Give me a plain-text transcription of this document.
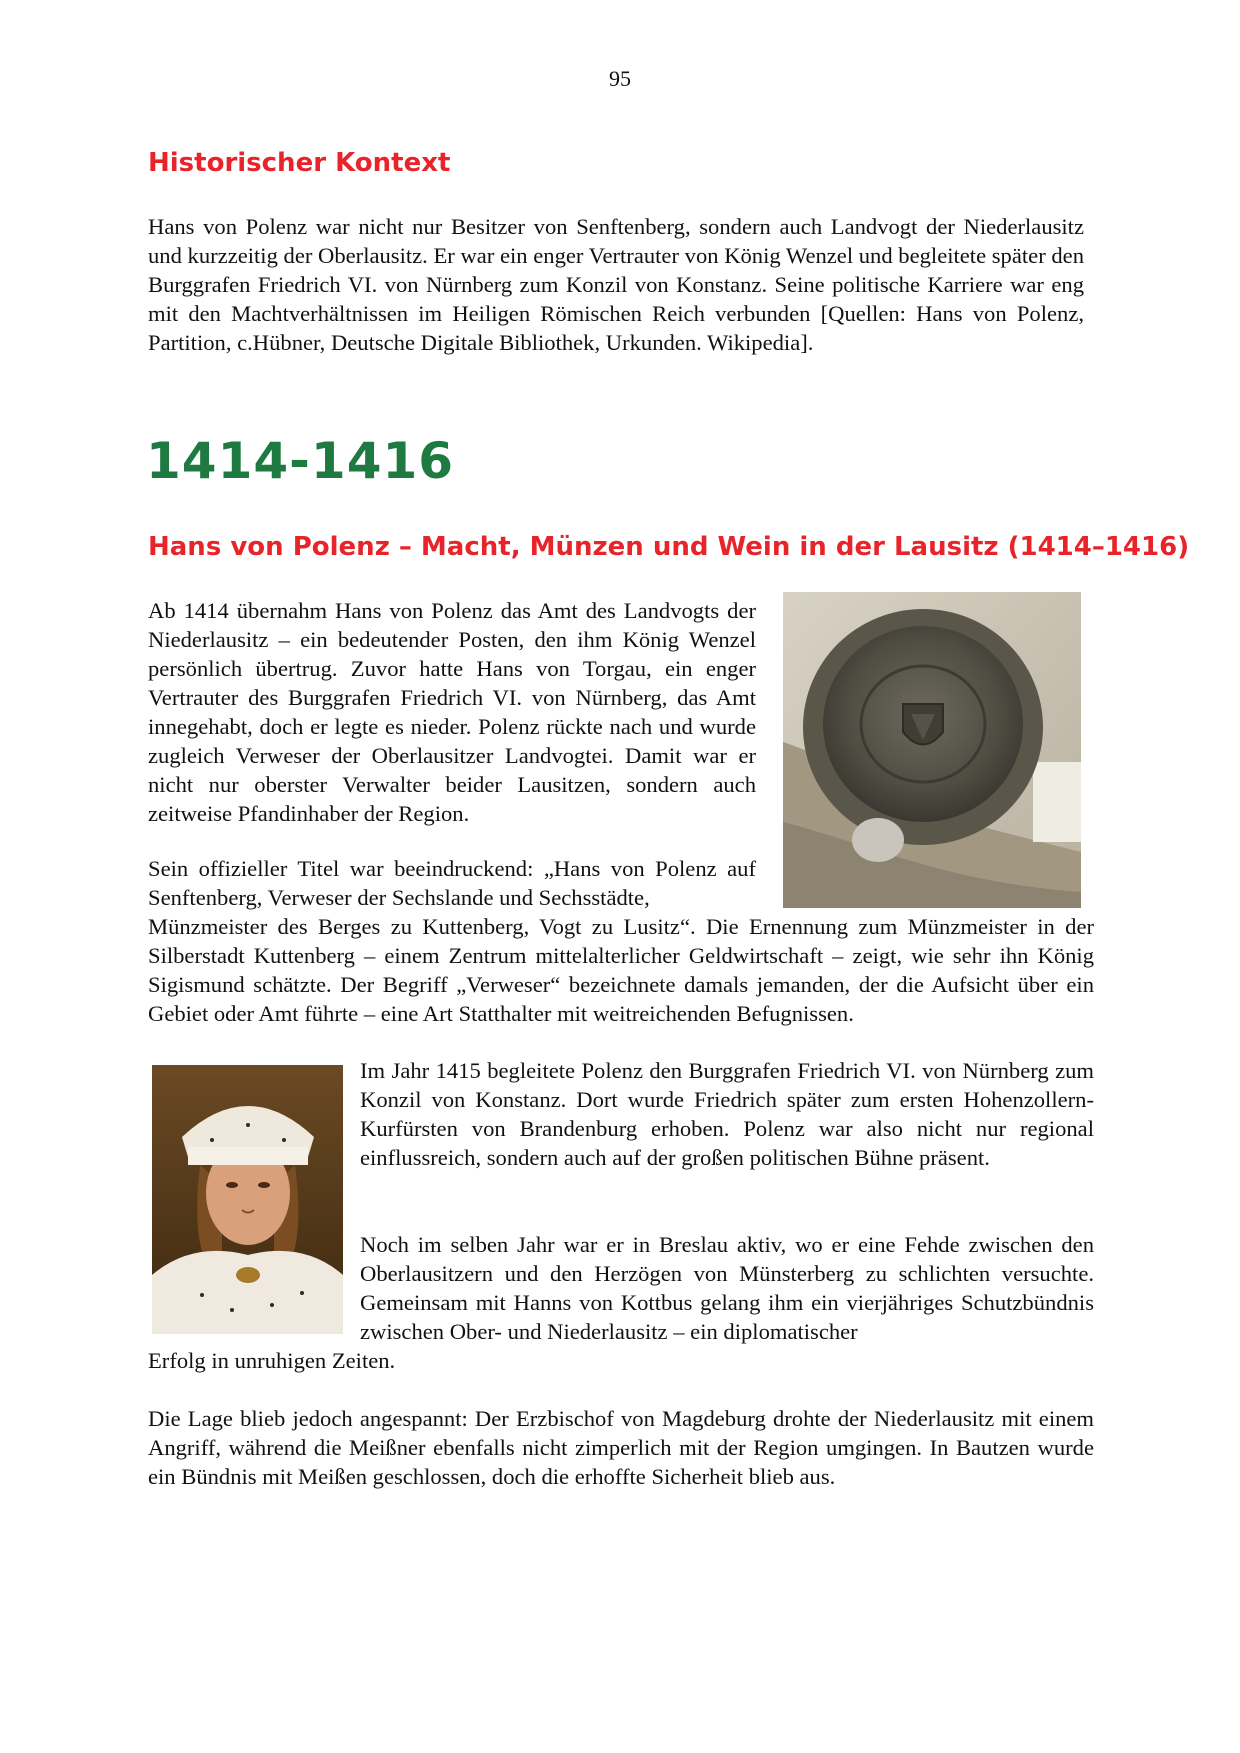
95
Historischer Kontext

Hans von Polenz war nicht nur Besitzer von Senftenberg, sondern auch Landvogt der Niederlausitz und kurzzeitig der Oberlausitz. Er war ein enger Vertrauter von König Wenzel und begleitete später den Burggrafen Friedrich VI. von Nürnberg zum Konzil von Konstanz. Seine politische Karriere war eng mit den Machtverhältnissen im Heiligen Römischen Reich verbunden [Quellen: Hans von Polenz, Partition, c.Hübner, Deutsche Digitale Bibliothek, Urkunden. Wikipedia].

1414-1416
Hans von Polenz – Macht, Münzen und Wein in der Lausitz (1414–1416)

Ab 1414 übernahm Hans von Polenz das Amt des Landvogts der Niederlausitz – ein bedeutender Posten, den ihm König Wenzel persönlich übertrug. Zuvor hatte Hans von Torgau, ein enger Vertrauter des Burggrafen Friedrich VI. von Nürnberg, das Amt innegehabt, doch er legte es nieder. Polenz rückte nach und wurde zugleich Verweser der Oberlausitzer Landvogtei. Damit war er nicht nur oberster Verwalter beider Lausitzen, sondern auch zeitweise Pfandinhaber der Region.

Sein offizieller Titel war beeindruckend: „Hans von Polenz auf Senftenberg, Verweser der Sechslande und Sechsstädte,

Münzmeister des Berges zu Kuttenberg, Vogt zu Lusitz“. Die Ernennung zum Münzmeister in der Silberstadt Kuttenberg – einem Zentrum mittelalterlicher Geldwirtschaft – zeigt, wie sehr ihn König Sigismund schätzte. Der Begriff „Verweser“ bezeichnete damals jemanden, der die Aufsicht über ein Gebiet oder Amt führte – eine Art Statthalter mit weitreichenden Befugnissen.

Im Jahr 1415 begleitete Polenz den Burggrafen Friedrich VI. von Nürnberg zum Konzil von Konstanz. Dort wurde Friedrich später zum ersten Hohenzollern-Kurfürsten von Brandenburg erhoben. Polenz war also nicht nur regional einflussreich, sondern auch auf der großen politischen Bühne präsent.

Noch im selben Jahr war er in Breslau aktiv, wo er eine Fehde zwischen den Oberlausitzern und den Herzögen von Münsterberg zu schlichten versuchte. Gemeinsam mit Hanns von Kottbus gelang ihm ein vierjähriges Schutzbündnis zwischen Ober- und Niederlausitz – ein diplomatischer

Erfolg in unruhigen Zeiten.

Die Lage blieb jedoch angespannt: Der Erzbischof von Magdeburg drohte der Niederlausitz mit einem Angriff, während die Meißner ebenfalls nicht zimperlich mit der Region umgingen. In Bautzen wurde ein Bündnis mit Meißen geschlossen, doch die erhoffte Sicherheit blieb aus.
